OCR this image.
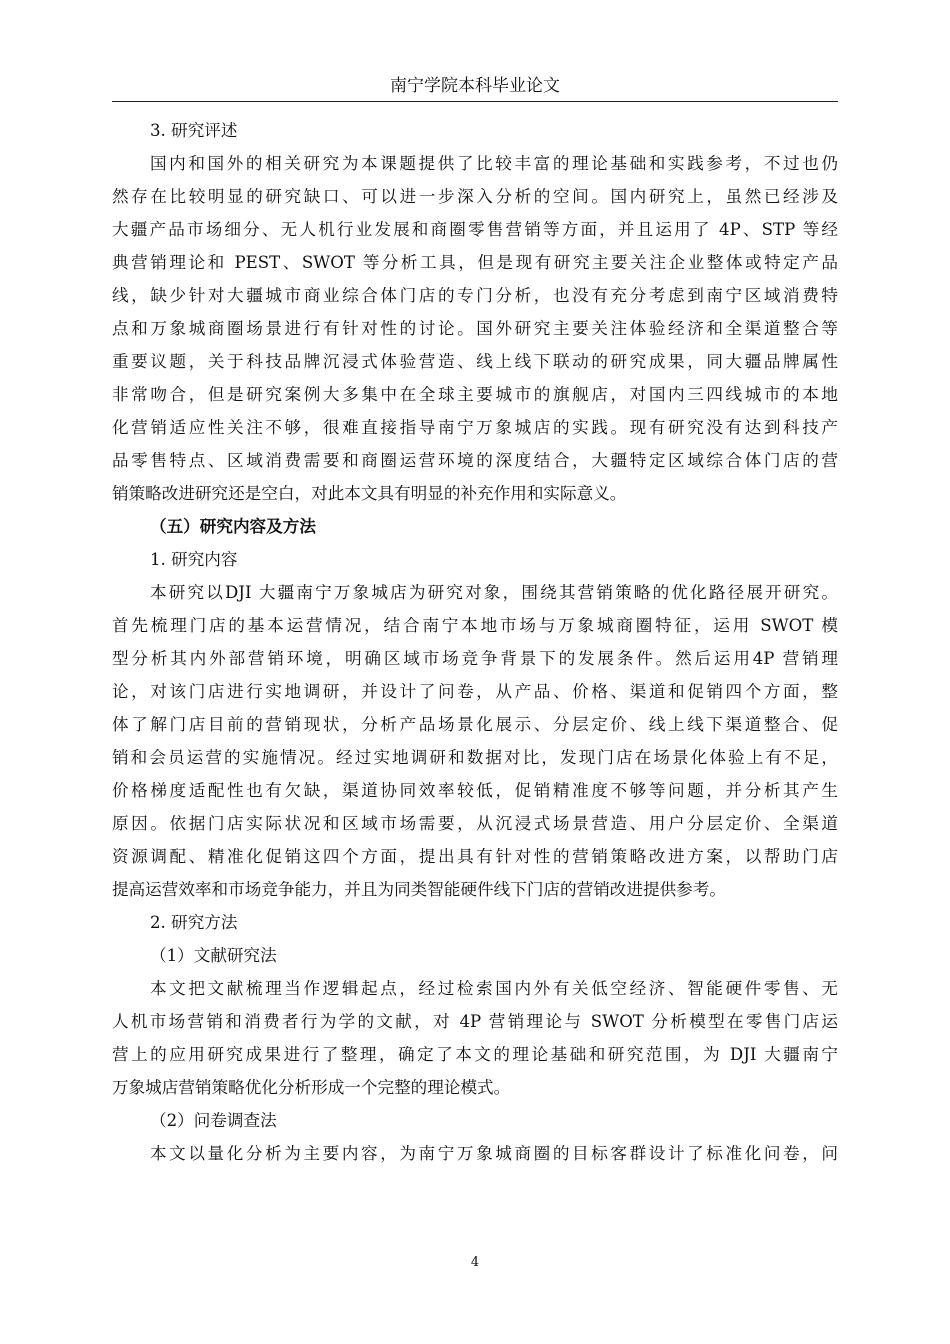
南宁学院本科毕业论文
3. 研究评述
国内和国外的相关研究为本课题提供了比较丰富的理论基础和实践参考，不过也仍
然存在比较明显的研究缺口、可以进一步深入分析的空间。国内研究上，虽然已经涉及
大疆产品市场细分、无人机行业发展和商圈零售营销等方面，并且运用了 4P、STP 等经
典营销理论和 PEST、SWOT 等分析工具，但是现有研究主要关注企业整体或特定产品
线，缺少针对大疆城市商业综合体门店的专门分析，也没有充分考虑到南宁区域消费特
点和万象城商圈场景进行有针对性的讨论。国外研究主要关注体验经济和全渠道整合等
重要议题，关于科技品牌沉浸式体验营造、线上线下联动的研究成果，同大疆品牌属性
非常吻合，但是研究案例大多集中在全球主要城市的旗舰店，对国内三四线城市的本地
化营销适应性关注不够，很难直接指导南宁万象城店的实践。现有研究没有达到科技产
品零售特点、区域消费需要和商圈运营环境的深度结合，大疆特定区域综合体门店的营
销策略改进研究还是空白，对此本文具有明显的补充作用和实际意义。
（五）研究内容及方法
1. 研究内容
本研究以DJI 大疆南宁万象城店为研究对象，围绕其营销策略的优化路径展开研究。
首先梳理门店的基本运营情况，结合南宁本地市场与万象城商圈特征，运用 SWOT 模
型分析其内外部营销环境，明确区域市场竞争背景下的发展条件。然后运用4P 营销理
论，对该门店进行实地调研，并设计了问卷，从产品、价格、渠道和促销四个方面，整
体了解门店目前的营销现状，分析产品场景化展示、分层定价、线上线下渠道整合、促
销和会员运营的实施情况。经过实地调研和数据对比，发现门店在场景化体验上有不足，
价格梯度适配性也有欠缺，渠道协同效率较低，促销精准度不够等问题，并分析其产生
原因。依据门店实际状况和区域市场需要，从沉浸式场景营造、用户分层定价、全渠道
资源调配、精准化促销这四个方面，提出具有针对性的营销策略改进方案，以帮助门店
提高运营效率和市场竞争能力，并且为同类智能硬件线下门店的营销改进提供参考。
2. 研究方法
（1）文献研究法
本文把文献梳理当作逻辑起点，经过检索国内外有关低空经济、智能硬件零售、无
人机市场营销和消费者行为学的文献，对 4P 营销理论与 SWOT 分析模型在零售门店运
营上的应用研究成果进行了整理，确定了本文的理论基础和研究范围，为 DJI 大疆南宁
万象城店营销策略优化分析形成一个完整的理论模式。
（2）问卷调查法
本文以量化分析为主要内容，为南宁万象城商圈的目标客群设计了标准化问卷，问
4
